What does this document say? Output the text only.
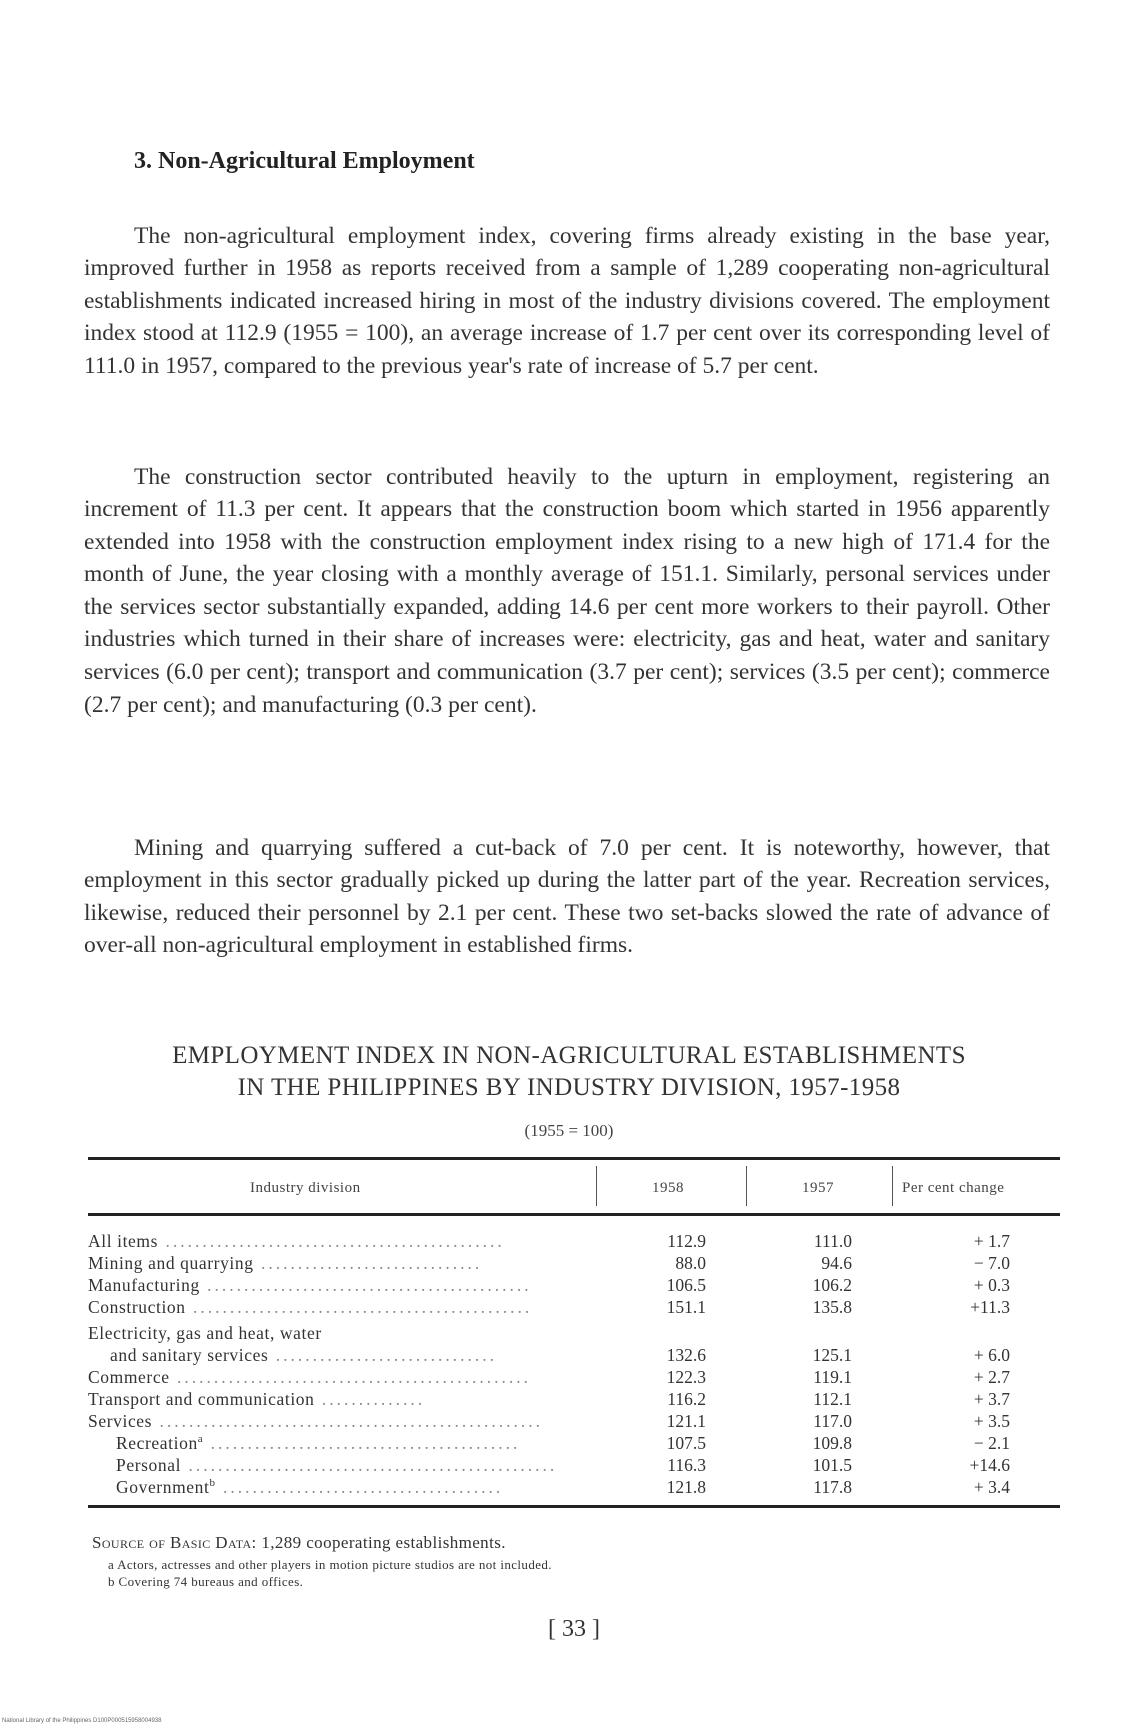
3. Non-Agricultural Employment

The non-agricultural employment index, covering firms already existing in the base year, improved further in 1958 as reports received from a sample of 1,289 cooperating non-agricultural establishments indicated increased hiring in most of the industry divisions covered. The employment index stood at 112.9 (1955 = 100), an average increase of 1.7 per cent over its corresponding level of 111.0 in 1957, compared to the previous year's rate of increase of 5.7 per cent.

The construction sector contributed heavily to the upturn in employment, registering an increment of 11.3 per cent. It appears that the construction boom which started in 1956 apparently extended into 1958 with the construction employment index rising to a new high of 171.4 for the month of June, the year closing with a monthly average of 151.1. Similarly, personal services under the services sector substantially expanded, adding 14.6 per cent more workers to their payroll. Other industries which turned in their share of increases were: electricity, gas and heat, water and sanitary services (6.0 per cent); transport and communication (3.7 per cent); services (3.5 per cent); commerce (2.7 per cent); and manufacturing (0.3 per cent).

Mining and quarrying suffered a cut-back of 7.0 per cent. It is noteworthy, however, that employment in this sector gradually picked up during the latter part of the year. Recreation services, likewise, reduced their personnel by 2.1 per cent. These two set-backs slowed the rate of advance of over-all non-agricultural employment in established firms.

EMPLOYMENT INDEX IN NON-AGRICULTURAL ESTABLISHMENTS
IN THE PHILIPPINES BY INDUSTRY DIVISION, 1957-1958
(1955 = 100)
Industry division	1958	1957	Per cent change
All items ..............................................	112.9	111.0	+ 1.7
Mining and quarrying ..............................	88.0	94.6	− 7.0
Manufacturing ............................................	106.5	106.2	+ 0.3
Construction ..............................................	151.1	135.8	+11.3
Electricity, gas and heat, water
and sanitary services ..............................	132.6	125.1	+ 6.0
Commerce ................................................	122.3	119.1	+ 2.7
Transport and communication ..............	116.2	112.1	+ 3.7
Services ....................................................	121.1	117.0	+ 3.5
Recreation$^a$ ..........................................	107.5	109.8	− 2.1
Personal ..................................................	116.3	101.5	+14.6
Government$^b$ ......................................	121.8	117.8	+ 3.4
Source of Basic Data: 1,289 cooperating establishments.
a Actors, actresses and other players in motion picture studios are not included.
b Covering 74 bureaus and offices.
[ 33 ]
National Library of the Philippines D100P000515958004938
